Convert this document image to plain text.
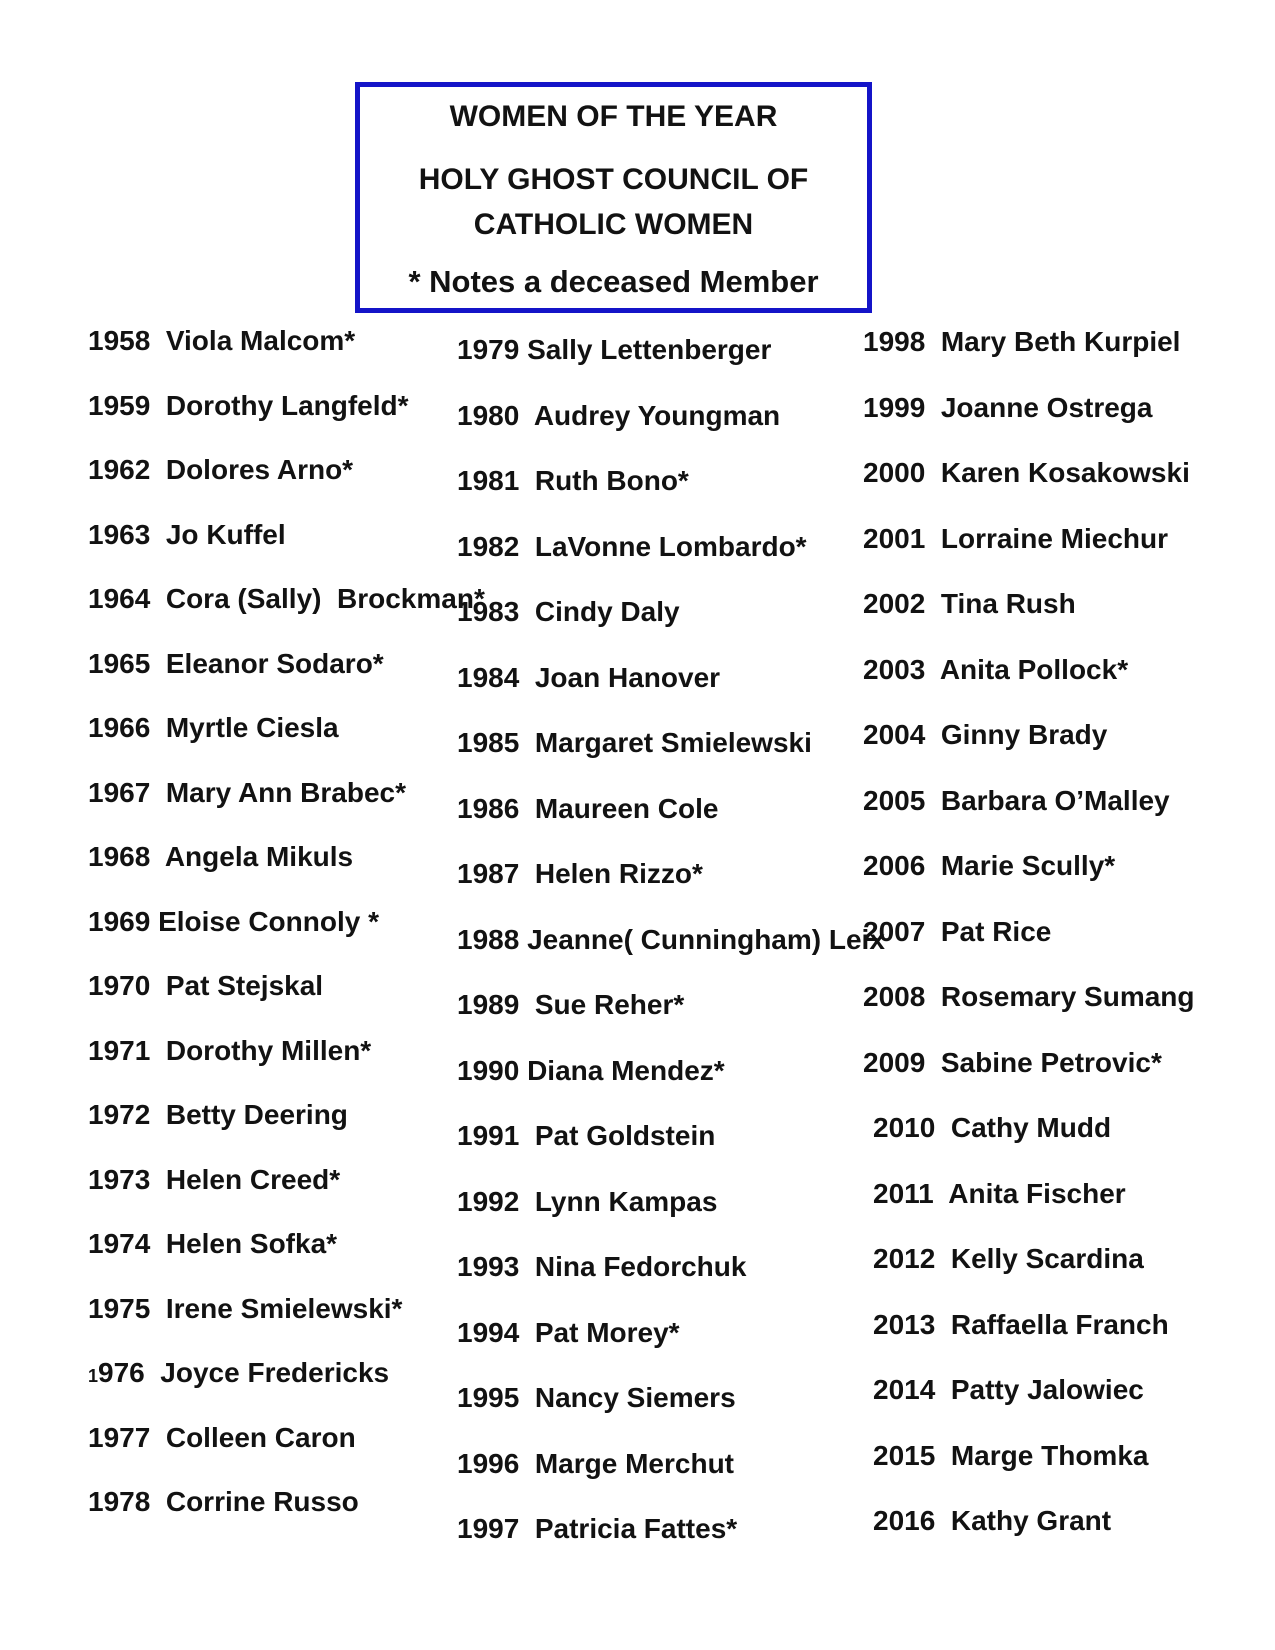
WOMEN OF THE YEAR
HOLY GHOST COUNCIL OF
CATHOLIC WOMEN
* Notes a deceased Member
1958 Viola Malcom*
1959 Dorothy Langfeld*
1962 Dolores Arno*
1963 Jo Kuffel
1964 Cora (Sally)  Brockman*
1965 Eleanor Sodaro*
1966 Myrtle Ciesla
1967 Mary Ann Brabec*
1968 Angela Mikuls
1969 Eloise Connoly *
1970 Pat Stejskal
1971 Dorothy Millen*
1972 Betty Deering
1973 Helen Creed*
1974 Helen Sofka*
1975 Irene Smielewski*
1976 Joyce Fredericks
1977 Colleen Caron
1978 Corrine Russo
1979 Sally Lettenberger
1980 Audrey Youngman
1981 Ruth Bono*
1982 LaVonne Lombardo*
1983 Cindy Daly
1984 Joan Hanover
1985 Margaret Smielewski
1986 Maureen Cole
1987 Helen Rizzo*
1988 Jeanne( Cunningham) Leix
1989 Sue Reher*
1990 Diana Mendez*
1991 Pat Goldstein
1992 Lynn Kampas
1993 Nina Fedorchuk
1994 Pat Morey*
1995 Nancy Siemers
1996 Marge Merchut
1997 Patricia Fattes*
1998 Mary Beth Kurpiel
1999 Joanne Ostrega
2000 Karen Kosakowski
2001 Lorraine Miechur
2002 Tina Rush
2003 Anita Pollock*
2004 Ginny Brady
2005 Barbara O’Malley
2006 Marie Scully*
2007 Pat Rice
2008 Rosemary Sumang
2009 Sabine Petrovic*
2010 Cathy Mudd
2011 Anita Fischer
2012 Kelly Scardina
2013 Raffaella Franch
2014 Patty Jalowiec
2015 Marge Thomka
2016 Kathy Grant
